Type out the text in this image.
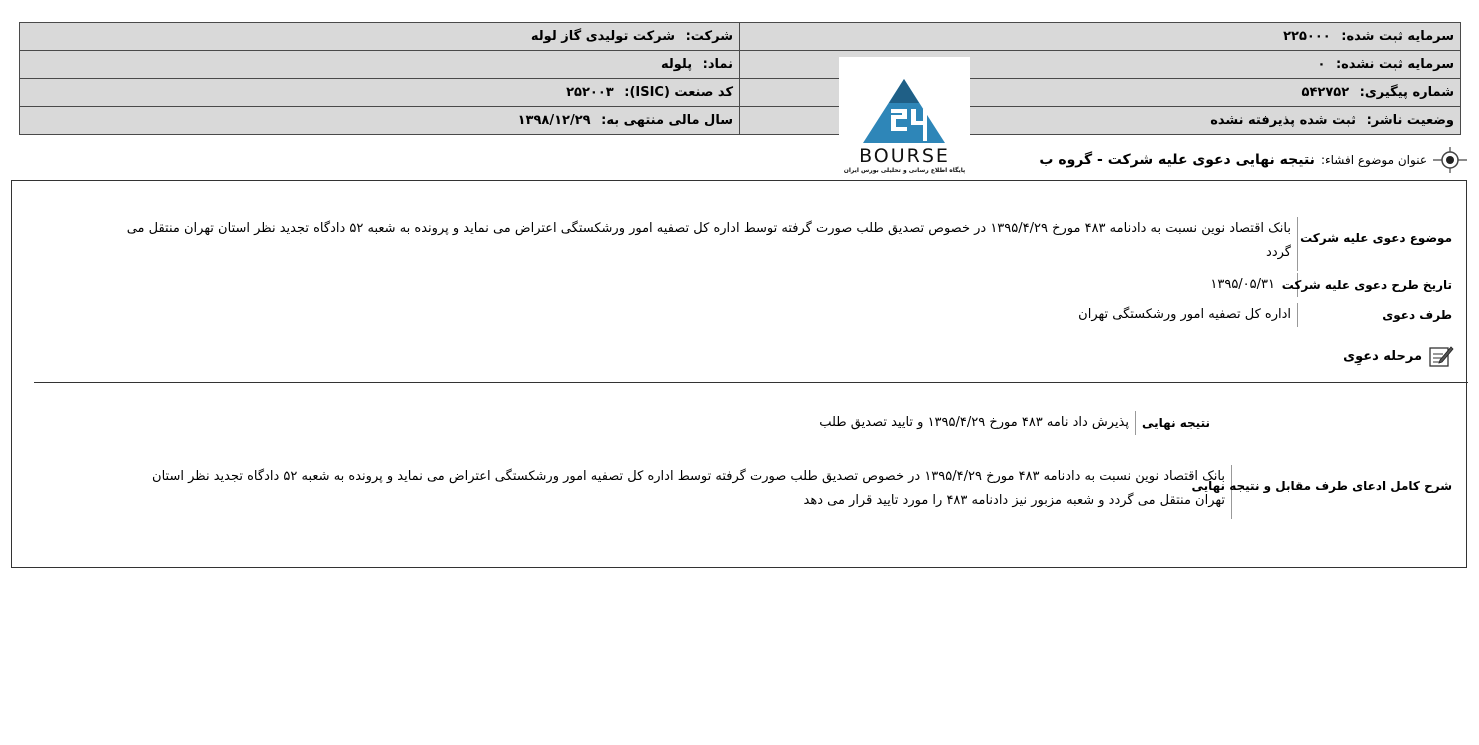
شرکت: شرکت تولیدی گاز لوله	سرمایه ثبت شده: ۲۲۵۰۰۰
نماد: پلوله	سرمایه ثبت نشده: ۰
کد صنعت (ISIC): ۲۵۲۰۰۳	شماره پیگیری: ۵۴۲۷۵۲
سال مالی منتهی به: ۱۳۹۸/۱۲/۲۹	وضعیت ناشر: ثبت شده پذیرفته نشده
BOURSE
پایگاه اطلاع رسانی و تحلیلی بورس ایران
عنوان موضوع افشاء:
نتیجه نهایی دعوی علیه شرکت - گروه ب
موضوع دعوی علیه شرکت
بانک اقتصاد نوین نسبت به دادنامه ۴۸۳ مورخ ۱۳۹۵/۴/۲۹ در خصوص تصدیق طلب صورت گرفته توسط اداره کل تصفیه امور ورشکستگی اعتراض می نماید و پرونده به شعبه ۵۲ دادگاه تجدید نظر استان تهران منتقل می گردد
تاریخ طرح دعوی علیه شرکت
۱۳۹۵/۰۵/۳۱
طرف دعوی
اداره کل تصفیه امور ورشکستگی تهران
مرحله دعوِی
نتیجه نهایی
پذیرش داد نامه ۴۸۳ مورخ ۱۳۹۵/۴/۲۹ و تایید تصدیق طلب
شرح کامل ادعای طرف مقابل و نتیجه نهایی
بانک اقتصاد نوین نسبت به دادنامه ۴۸۳ مورخ ۱۳۹۵/۴/۲۹ در خصوص تصدیق طلب صورت گرفته توسط اداره کل تصفیه امور ورشکستگی اعتراض می نماید و پرونده به شعبه ۵۲ دادگاه تجدید نظر استان تهران منتقل می گردد و شعبه مزبور نیز دادنامه ۴۸۳ را مورد تایید قرار می دهد
